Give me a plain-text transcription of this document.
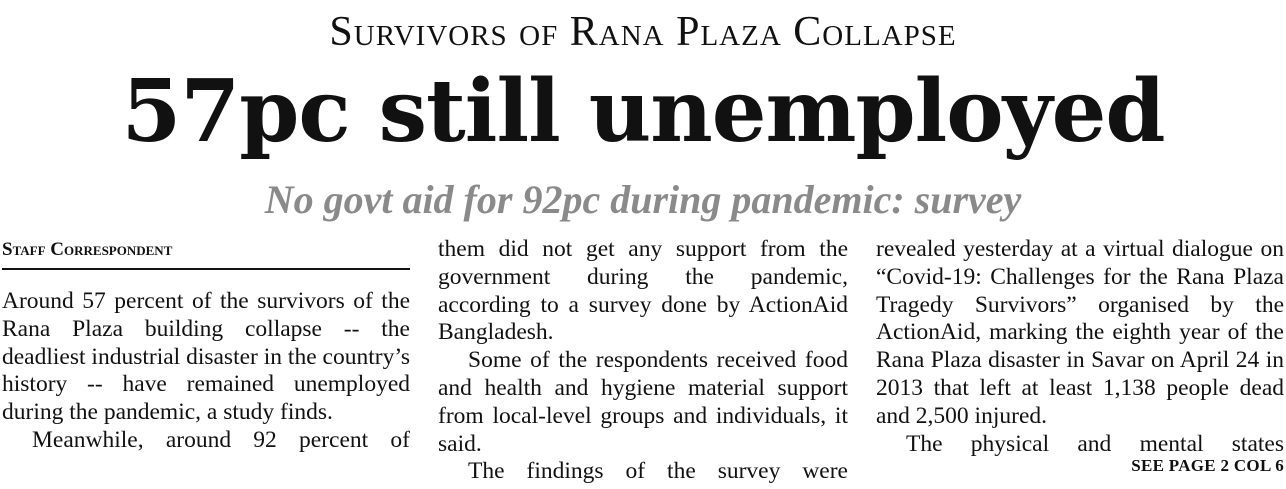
Survivors of Rana Plaza Collapse
57pc still unemployed
No govt aid for 92pc during pandemic: survey
Staff Correspondent

Around 57 percent of the survivors of the Rana Plaza building collapse -- the deadliest industrial disaster in the country’s history -- have remained unemployed during the pandemic, a study finds.

Meanwhile, around 92 percent of

them did not get any support from the government during the pandemic, according to a survey done by ActionAid Bangladesh.

Some of the respondents received food and health and hygiene material support from local-level groups and individuals, it said.

The findings of the survey were

revealed yesterday at a virtual dialogue on “Covid-19: Challenges for the Rana Plaza Tragedy Survivors” organised by the ActionAid, marking the eighth year of the Rana Plaza disaster in Savar on April 24 in 2013 that left at least 1,138 people dead and 2,500 injured.

The physical and mental states

SEE PAGE 2 COL 6
